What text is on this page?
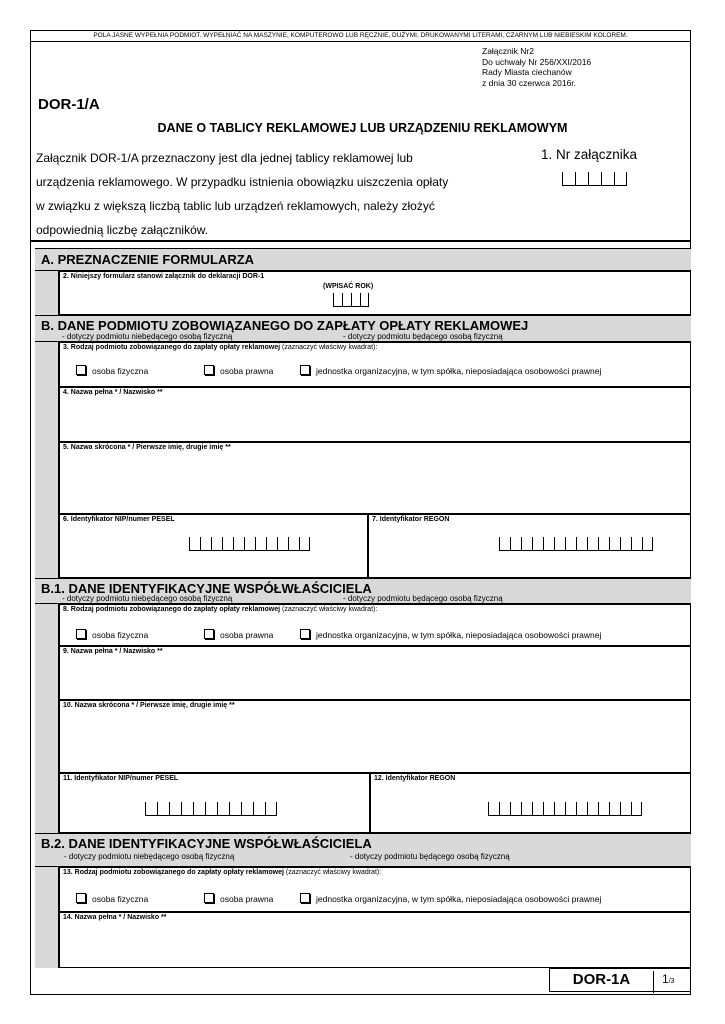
POLA JASNE WYPEŁNIA PODMIOT. WYPEŁNIAĆ NA MASZYNIE, KOMPUTEROWO LUB RĘCZNIE, DUŻYMI, DRUKOWANYMI LITERAMI, CZARNYM LUB NIEBIESKIM KOLOREM.
Załącznik Nr2
Do uchwały Nr 256/XXI/2016
Rady Miasta ciechanów
z dnia 30 czerwca 2016r.
DOR-1/A
DANE O TABLICY REKLAMOWEJ LUB URZĄDZENIU REKLAMOWYM
Załącznik DOR-1/A przeznaczony jest dla jednej tablicy reklamowej lub
urządzenia reklamowego. W przypadku istnienia obowiązku uiszczenia opłaty
w związku z większą liczbą tablic lub urządzeń reklamowych, należy złożyć
odpowiednią liczbę załączników.
1. Nr załącznika
A. PREZNACZENIE FORMULARZA
2. Niniejszy formularz stanowi załącznik do deklaracji DOR-1
(WPISAĆ ROK)
B. DANE PODMIOTU ZOBOWIĄZANEGO DO ZAPŁATY OPŁATY REKLAMOWEJ
- dotyczy podmiotu niebędącego osobą fizyczną	- dotyczy podmiotu będącego osobą fizyczną
3. Rodzaj podmiotu zobowiązanego do zapłaty opłaty reklamowej (zaznaczyć właściwy kwadrat):
osoba fizyczna	osoba prawna	jednostka organizacyjna, w tym spółka, nieposiadająca osobowości prawnej
4. Nazwa pełna * / Nazwisko **
5. Nazwa skrócona * / Pierwsze imię, drugie imię **
6. Identyfikator NIP/numer PESEL	7. Identyfikator REGON
B.1. DANE IDENTYFIKACYJNE WSPÓŁWŁAŚCICIELA
- dotyczy podmiotu niebędącego osobą fizyczną	- dotyczy podmiotu będącego osobą fizyczną
8. Rodzaj podmiotu zobowiązanego do zapłaty opłaty reklamowej (zaznaczyć właściwy kwadrat):
osoba fizyczna	osoba prawna	jednostka organizacyjna, w tym spółka, nieposiadająca osobowości prawnej
9. Nazwa pełna * / Nazwisko **
10. Nazwa skrócona * / Pierwsze imię, drugie imię **
11. Identyfikator NIP/numer PESEL	12. Identyfikator REGON
B.2. DANE IDENTYFIKACYJNE WSPÓŁWŁAŚCICIELA
- dotyczy podmiotu niebędącego osobą fizyczną	- dotyczy podmiotu będącego osobą fizyczną
13. Rodzaj podmiotu zobowiązanego do zapłaty opłaty reklamowej (zaznaczyć właściwy kwadrat):
osoba fizyczna	osoba prawna	jednostka organizacyjna, w tym spółka, nieposiadająca osobowości prawnej
14. Nazwa pełna * / Nazwisko **
DOR-1A	1/3
